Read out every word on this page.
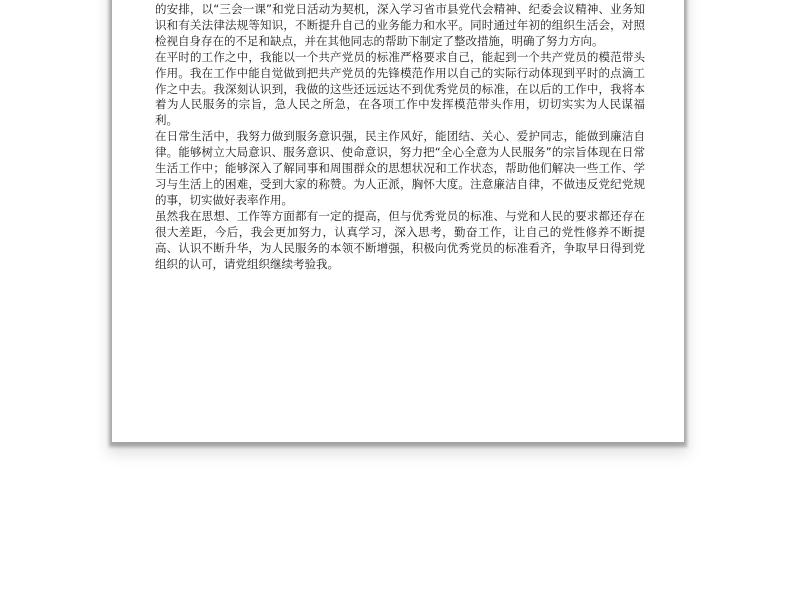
的安排，以“三会一课”和党日活动为契机，深入学习省市县党代会精神、纪委会议精神、业务知识和有关法律法规等知识，不断提升自己的业务能力和水平。同时通过年初的组织生活会，对照检视自身存在的不足和缺点，并在其他同志的帮助下制定了整改措施，明确了努力方向。

在平时的工作之中，我能以一个共产党员的标准严格要求自己，能起到一个共产党员的模范带头作用。我在工作中能自觉做到把共产党员的先锋模范作用以自己的实际行动体现到平时的点滴工作之中去。我深刻认识到，我做的这些还远远达不到优秀党员的标准，在以后的工作中，我将本着为人民服务的宗旨，急人民之所急，在各项工作中发挥模范带头作用，切切实实为人民谋福利。

在日常生活中，我努力做到服务意识强，民主作风好，能团结、关心、爱护同志，能做到廉洁自律。能够树立大局意识、服务意识、使命意识，努力把“全心全意为人民服务”的宗旨体现在日常生活工作中；能够深入了解同事和周围群众的思想状况和工作状态，帮助他们解决一些工作、学习与生活上的困难，受到大家的称赞。为人正派，胸怀大度。注意廉洁自律，不做违反党纪党规的事，切实做好表率作用。

虽然我在思想、工作等方面都有一定的提高，但与优秀党员的标准、与党和人民的要求都还存在很大差距，今后，我会更加努力，认真学习，深入思考，勤奋工作，让自己的党性修养不断提高、认识不断升华，为人民服务的本领不断增强，积极向优秀党员的标准看齐，争取早日得到党组织的认可，请党组织继续考验我。
